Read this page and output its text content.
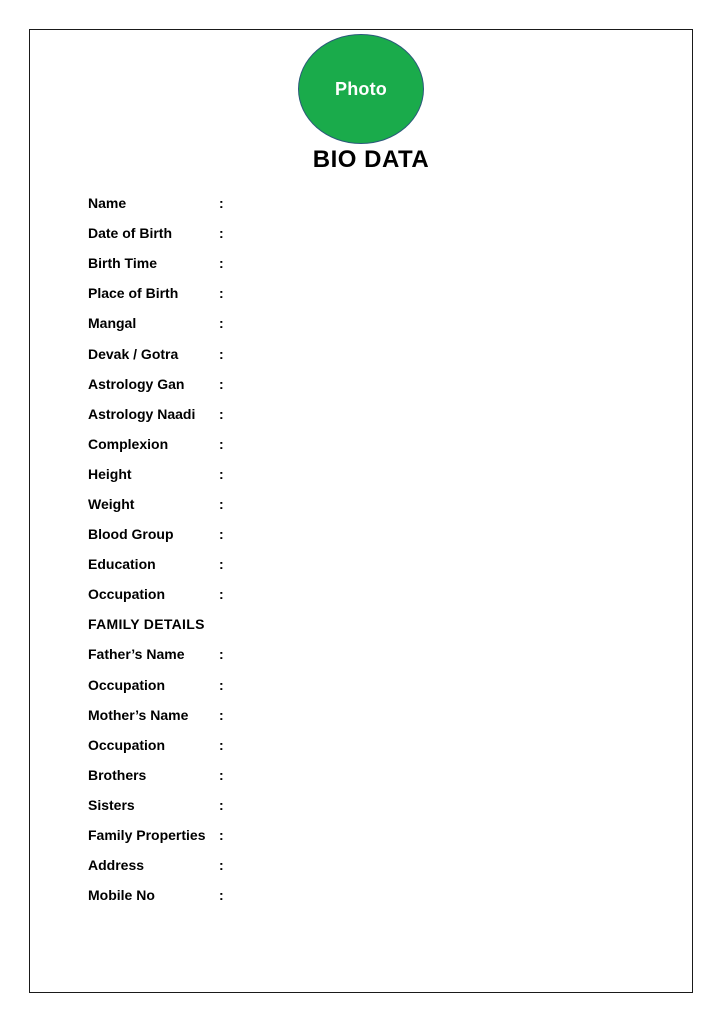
Photo
BIO DATA
Name	:
Date of Birth	:
Birth Time	:
Place of Birth	:
Mangal	:
Devak / Gotra	:
Astrology Gan	:
Astrology Naadi	:
Complexion	:
Height	:
Weight	:
Blood Group	:
Education	:
Occupation	:
FAMILY DETAILS
Father’s Name	:
Occupation	:
Mother’s Name	:
Occupation	:
Brothers	:
Sisters	:
Family Properties :
Address	:
Mobile No	:
